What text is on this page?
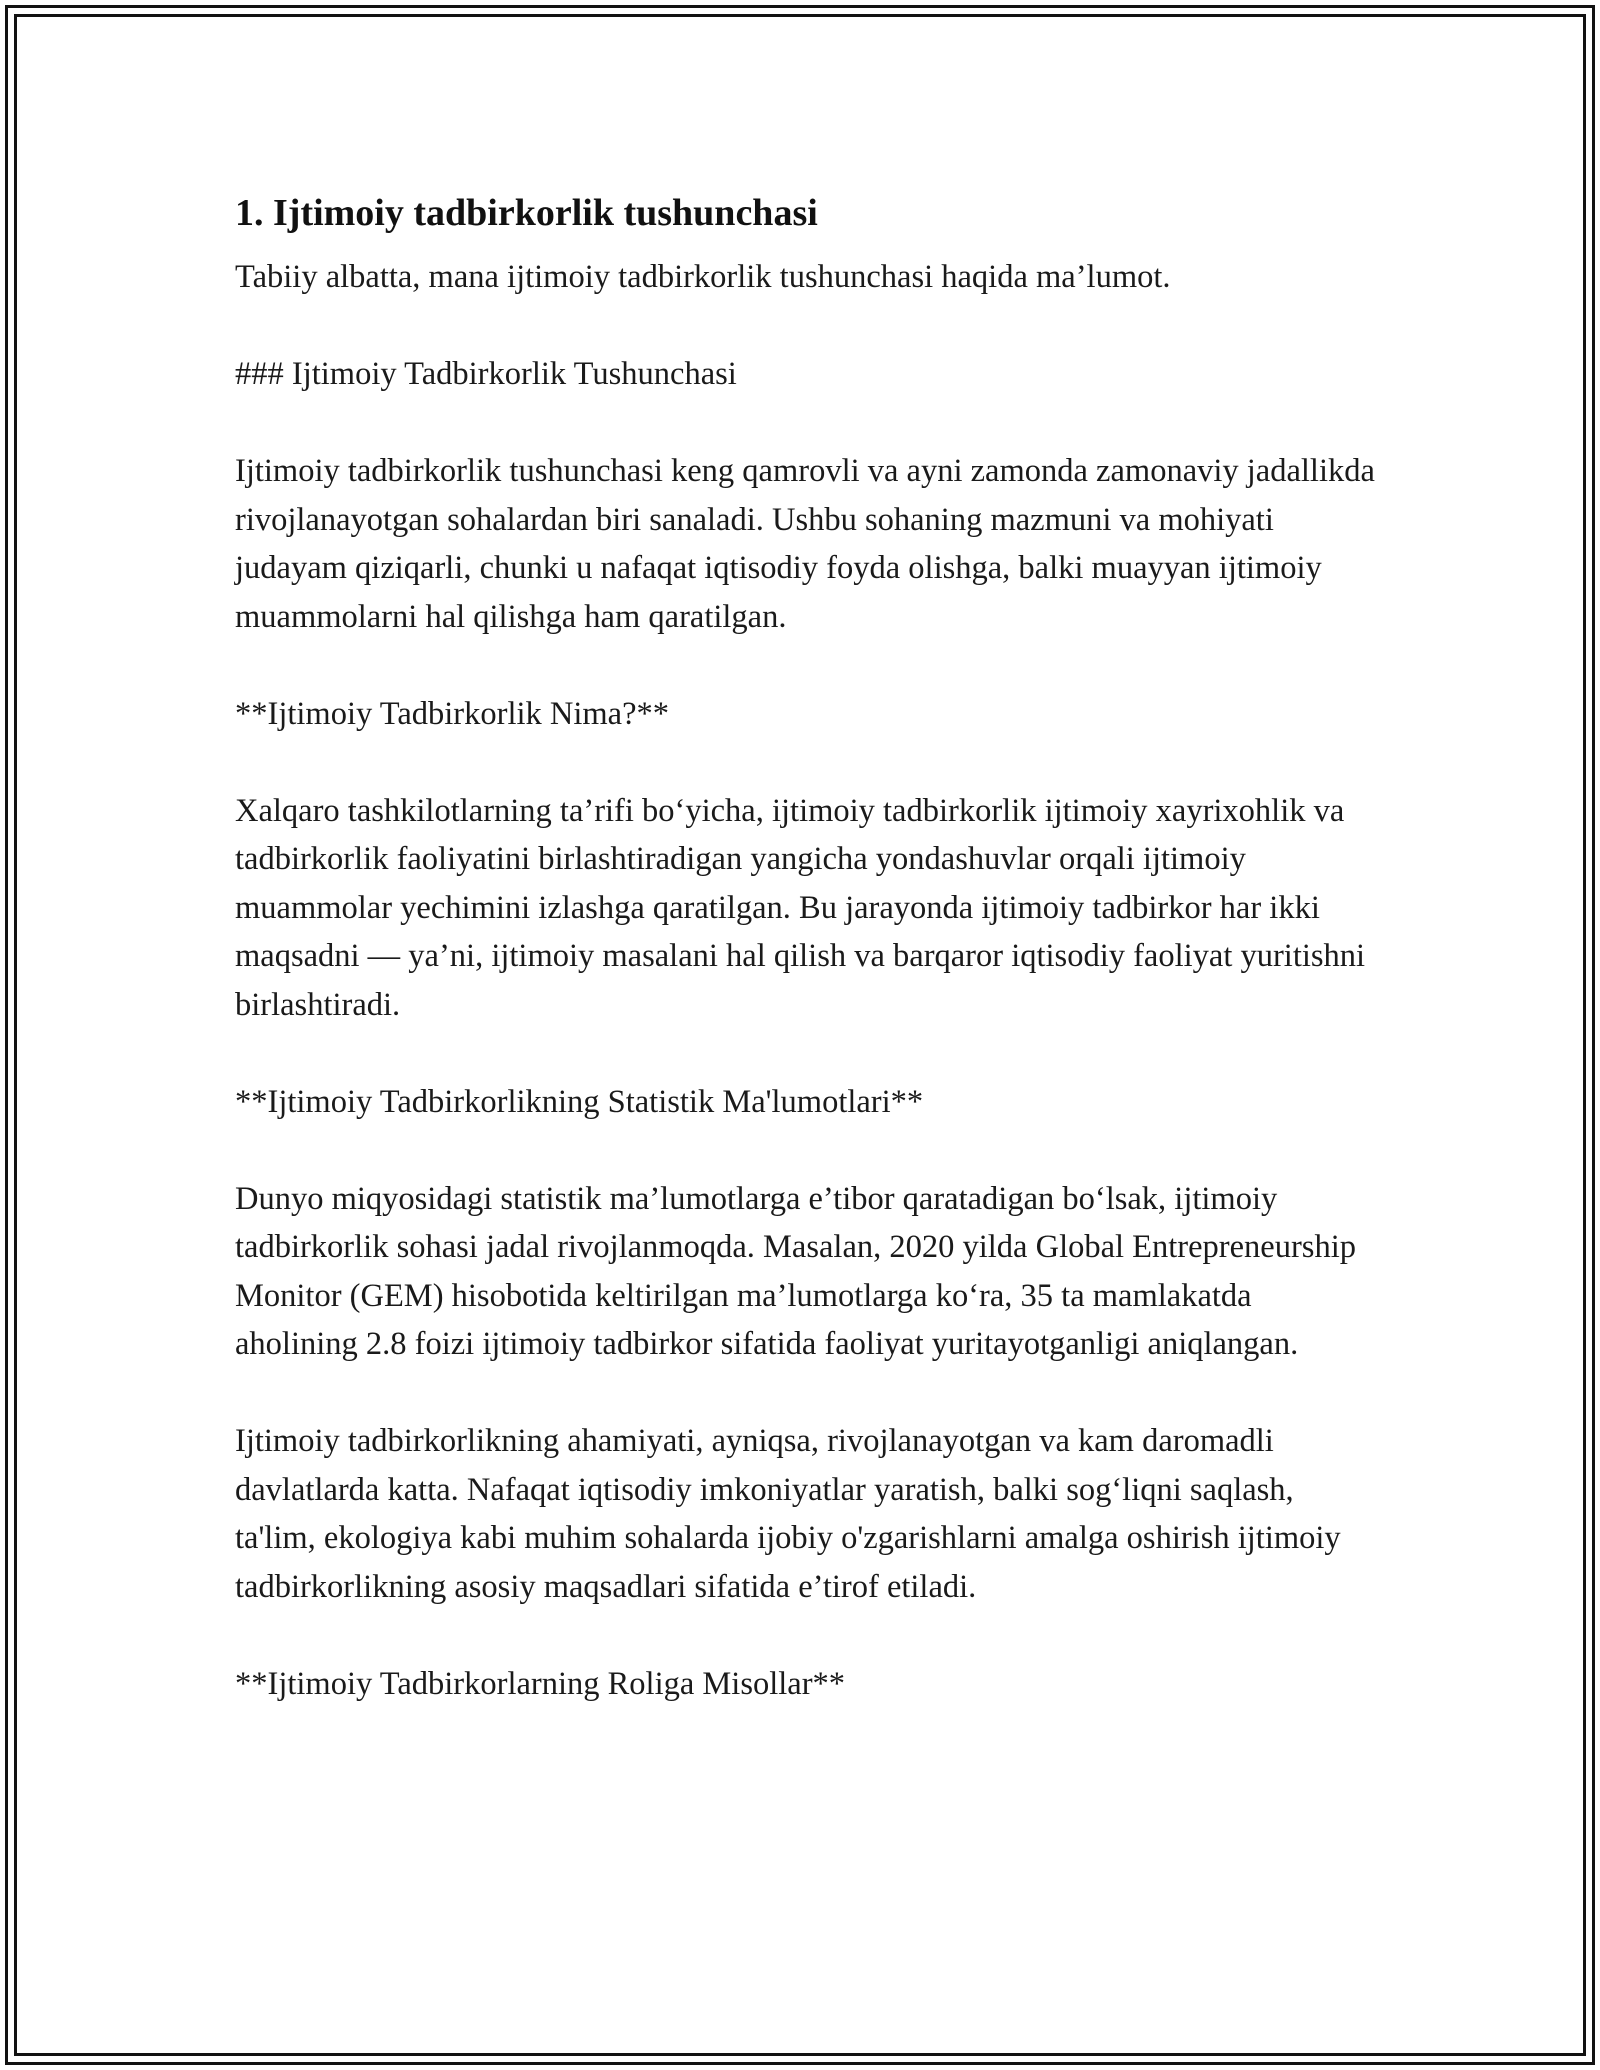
1. Ijtimoiy tadbirkorlik tushunchasi

Tabiiy albatta, mana ijtimoiy tadbirkorlik tushunchasi haqida ma’lumot.

### Ijtimoiy Tadbirkorlik Tushunchasi

Ijtimoiy tadbirkorlik tushunchasi keng qamrovli va ayni zamonda zamonaviy jadallikda rivojlanayotgan sohalardan biri sanaladi. Ushbu sohaning mazmuni va mohiyati judayam qiziqarli, chunki u nafaqat iqtisodiy foyda olishga, balki muayyan ijtimoiy muammolarni hal qilishga ham qaratilgan.

**Ijtimoiy Tadbirkorlik Nima?**

Xalqaro tashkilotlarning ta’rifi bo‘yicha, ijtimoiy tadbirkorlik ijtimoiy xayrixohlik va tadbirkorlik faoliyatini birlashtiradigan yangicha yondashuvlar orqali ijtimoiy muammolar yechimini izlashga qaratilgan. Bu jarayonda ijtimoiy tadbirkor har ikki maqsadni — ya’ni, ijtimoiy masalani hal qilish va barqaror iqtisodiy faoliyat yuritishni birlashtiradi.

**Ijtimoiy Tadbirkorlikning Statistik Ma'lumotlari**

Dunyo miqyosidagi statistik ma’lumotlarga e’tibor qaratadigan bo‘lsak, ijtimoiy tadbirkorlik sohasi jadal rivojlanmoqda. Masalan, 2020 yilda Global Entrepreneurship Monitor (GEM) hisobotida keltirilgan ma’lumotlarga ko‘ra, 35 ta mamlakatda aholining 2.8 foizi ijtimoiy tadbirkor sifatida faoliyat yuritayotganligi aniqlangan.

Ijtimoiy tadbirkorlikning ahamiyati, ayniqsa, rivojlanayotgan va kam daromadli davlatlarda katta. Nafaqat iqtisodiy imkoniyatlar yaratish, balki sog‘liqni saqlash, ta'lim, ekologiya kabi muhim sohalarda ijobiy o'zgarishlarni amalga oshirish ijtimoiy tadbirkorlikning asosiy maqsadlari sifatida e’tirof etiladi.

**Ijtimoiy Tadbirkorlarning Roliga Misollar**
